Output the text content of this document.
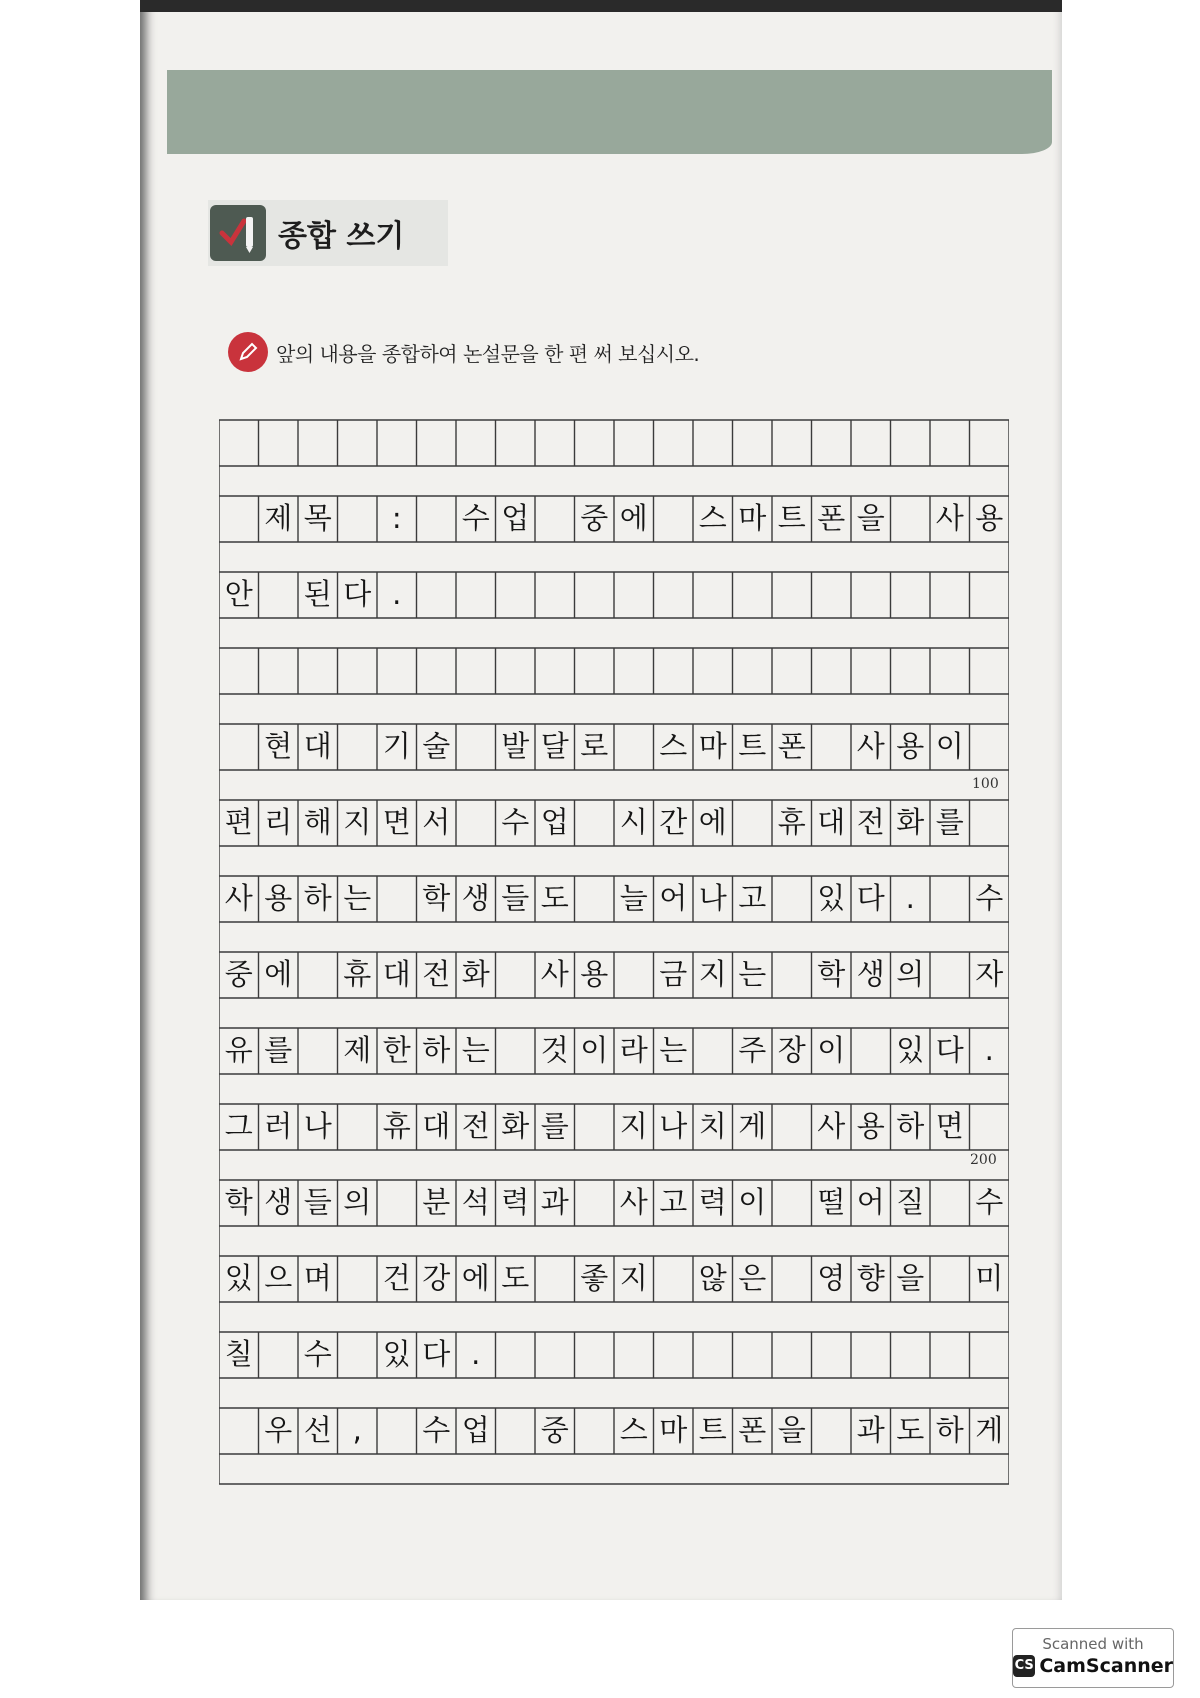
종합 쓰기
앞의 내용을 종합하여 논설문을 한 편 써 보십시오.
제 목 : 수 업 중 에 스 마 트 폰 을 사 용
안 된 다 .
현 대 기 술 발 달 로 스 마 트 폰 사 용 이
편 리 해 지 면 서 수 업 시 간 에 휴 대 전 화 를
사 용 하 는 학 생 들 도 늘 어 나 고 있 다 . 수
중 에 휴 대 전 화 사 용 금 지 는 학 생 의 자
유 를 제 한 하 는 것 이 라 는 주 장 이 있 다 .
그 러 나 휴 대 전 화 를 지 나 치 게 사 용 하 면
학 생 들 의 분 석 력 과 사 고 력 이 떨 어 질 수
있 으 며 건 강 에 도 좋 지 않 은 영 향 을 미
칠 수 있 다 .
우 선 , 수 업 중 스 마 트 폰 을 과 도 하 게
100
200
Scanned with
CS CamScanner
